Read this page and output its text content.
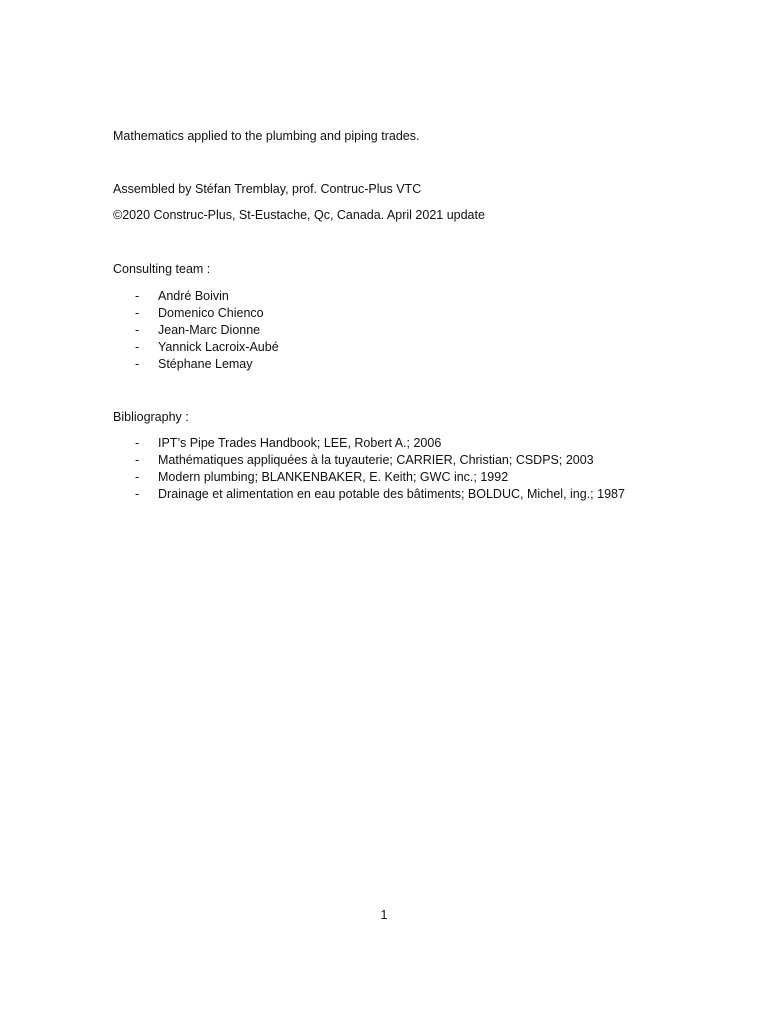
Mathematics applied to the plumbing and piping trades.
Assembled by Stéfan Tremblay, prof. Contruc-Plus VTC
©2020 Construc-Plus, St-Eustache, Qc, Canada. April 2021 update
Consulting team :
- André Boivin
- Domenico Chienco
- Jean-Marc Dionne
- Yannick Lacroix-Aubé
- Stéphane Lemay
Bibliography :
- IPT’s Pipe Trades Handbook; LEE, Robert A.; 2006
- Mathématiques appliquées à la tuyauterie; CARRIER, Christian; CSDPS; 2003
- Modern plumbing; BLANKENBAKER, E. Keith; GWC inc.; 1992
- Drainage et alimentation en eau potable des bâtiments; BOLDUC, Michel, ing.; 1987
1
